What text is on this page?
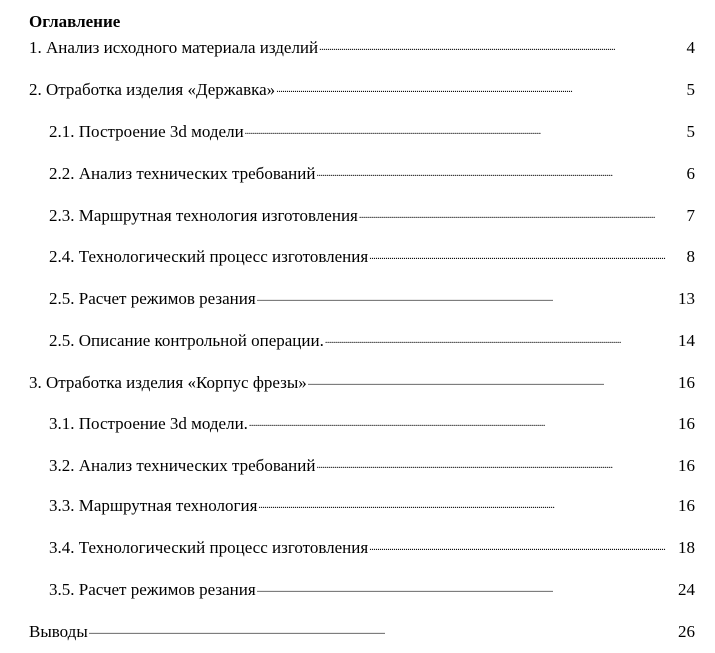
Оглавление
1. Анализ исходного материала изделий . . .	4
2. Отработка изделия «Державка» . . .	5
2.1. Построение 3d модели . . .	5
2.2. Анализ технических требований . . .	6
2.3. Маршрутная технология изготовления . . .	7
2.4. Технологический процесс изготовления . . .	8
2.5. Расчет режимов резания . . .	13
2.5. Описание контрольной операции. . . .	14
3. Отработка изделия «Корпус фрезы» . . .	16
3.1. Построение 3d модели. . . .	16
3.2. Анализ технических требований . . .	16
3.3. Маршрутная технология . . .	16
3.4. Технологический процесс изготовления . . .	18
3.5. Расчет режимов резания . . .	24
Выводы . . .	26
